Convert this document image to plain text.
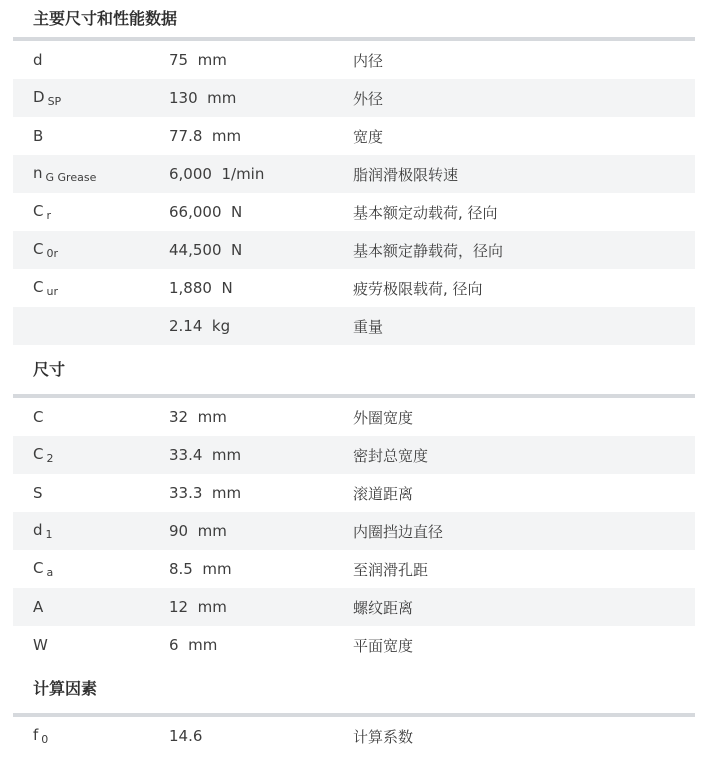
主要尺寸和性能数据
d	75  mm	内径
D $_{SP}$	130  mm	外径
B	77.8  mm	宽度
n $_{G Grease}$	6,000  1/min	脂润滑极限转速
C $_r$	66,000  N	基本额定动载荷, 径向
C $_{0r}$	44,500  N	基本额定静载荷，径向
C $_{ur}$	1,880  N	疲劳极限载荷, 径向
	2.14  kg	重量
尺寸
C	32  mm	外圈宽度
C $_2$	33.4  mm	密封总宽度
S	33.3  mm	滚道距离
d $_1$	90  mm	内圈挡边直径
C $_a$	8.5  mm	至润滑孔距
A	12  mm	螺纹距离
W	6  mm	平面宽度
计算因素
f $_0$	14.6	计算系数
